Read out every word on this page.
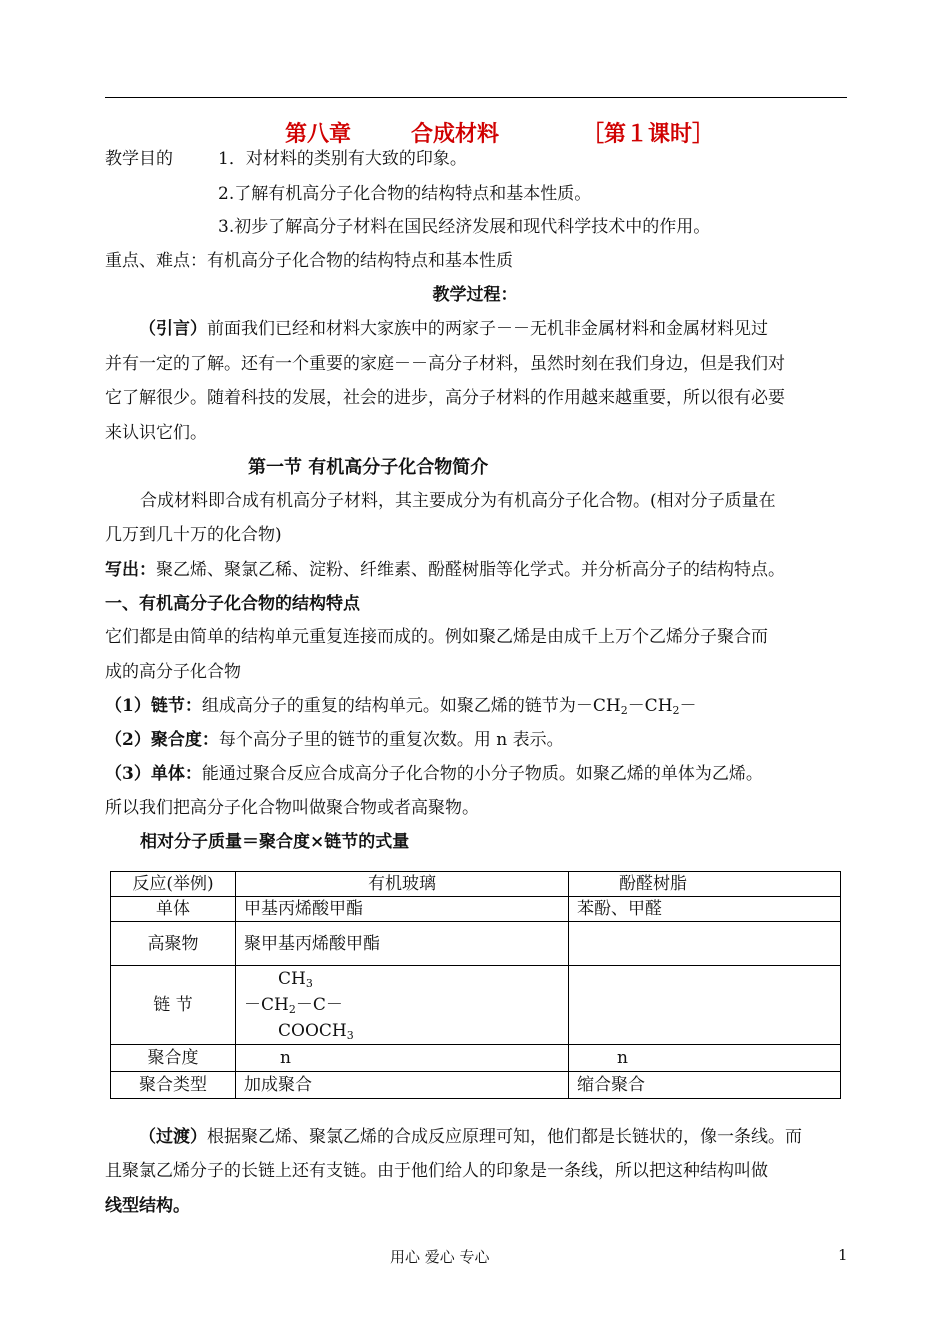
第八章	合成材料	［第１课时］
教学目的	1．对材料的类别有大致的印象。
2.了解有机高分子化合物的结构特点和基本性质。
3.初步了解高分子材料在国民经济发展和现代科学技术中的作用。
重点、难点：有机高分子化合物的结构特点和基本性质
教学过程：
（引言）前面我们已经和材料大家族中的两家子－－无机非金属材料和金属材料见过
并有一定的了解。还有一个重要的家庭－－高分子材料，虽然时刻在我们身边，但是我们对
它了解很少。随着科技的发展，社会的进步，高分子材料的作用越来越重要，所以很有必要
来认识它们。
第一节 有机高分子化合物简介
合成材料即合成有机高分子材料，其主要成分为有机高分子化合物。(相对分子质量在
几万到几十万的化合物)
写出：聚乙烯、聚氯乙稀、淀粉、纤维素、酚醛树脂等化学式。并分析高分子的结构特点。
一、有机高分子化合物的结构特点
它们都是由简单的结构单元重复连接而成的。例如聚乙烯是由成千上万个乙烯分子聚合而
成的高分子化合物
（1）链节：组成高分子的重复的结构单元。如聚乙烯的链节为$-CH_2-CH_2-$
（2）聚合度：每个高分子里的链节的重复次数。用 n 表示。
（3）单体：能通过聚合反应合成高分子化合物的小分子物质。如聚乙烯的单体为乙烯。
所以我们把高分子化合物叫做聚合物或者高聚物。
相对分子质量＝聚合度×链节的式量
反应(举例)	有机玻璃	酚醛树脂
单体	甲基丙烯酸甲酯	苯酚、甲醛
高聚物	聚甲基丙烯酸甲酯	
链 节	$CH_3$
$-CH_2-C-$
$COOCH_3$

聚合度	n	n
聚合类型	加成聚合	缩合聚合
（过渡）根据聚乙烯、聚氯乙烯的合成反应原理可知，他们都是长链状的，像一条线。而
且聚氯乙烯分子的长链上还有支链。由于他们给人的印象是一条线，所以把这种结构叫做
线型结构。
用心 爱心 专心	1
